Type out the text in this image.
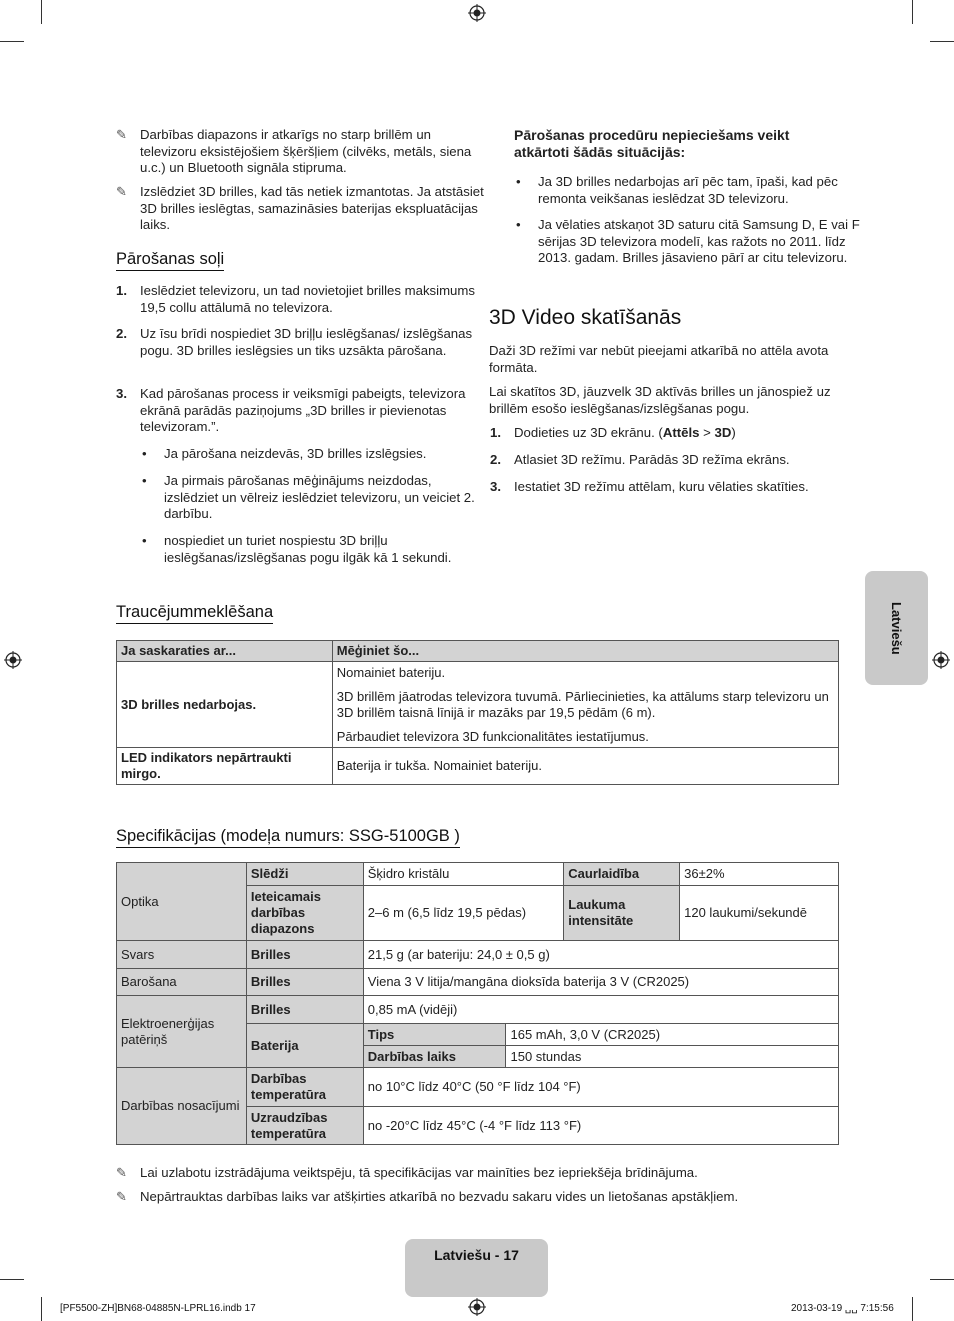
✎ Darbības diapazons ir atkarīgs no starp brillēm un televizoru eksistējošiem šķēršļiem (cilvēks, metāls, siena u.c.) un Bluetooth signāla stipruma.
✎ Izslēdziet 3D brilles, kad tās netiek izmantotas. Ja atstāsiet 3D brilles ieslēgtas, samazināsies baterijas ekspluatācijas laiks.
Pārošanas soļi
1. Ieslēdziet televizoru, un tad novietojiet brilles maksimums 19,5 collu attālumā no televizora.
2. Uz īsu brīdi nospiediet 3D briļļu ieslēgšanas/ izslēgšanas pogu. 3D brilles ieslēgsies un tiks uzsākta pārošana.
3. Kad pārošanas process ir veiksmīgi pabeigts, televizora ekrānā parādās paziņojums „3D brilles ir pievienotas televizoram.”.
• Ja pārošana neizdevās, 3D brilles izslēgsies.
• Ja pirmais pārošanas mēģinājums neizdodas, izslēdziet un vēlreiz ieslēdziet televizoru, un veiciet 2. darbību.
• nospiediet un turiet nospiestu 3D briļļu ieslēgšanas/izslēgšanas pogu ilgāk kā 1 sekundi.
Pārošanas procedūru nepieciešams veikt atkārtoti šādās situācijās:
• Ja 3D brilles nedarbojas arī pēc tam, īpaši, kad pēc remonta veikšanas ieslēdzat 3D televizoru.
• Ja vēlaties atskaņot 3D saturu citā Samsung D, E vai F sērijas 3D televizora modelī, kas ražots no 2011. līdz 2013. gadam. Brilles jāsavieno pārī ar citu televizoru.
3D Video skatīšanās
Daži 3D režīmi var nebūt pieejami atkarībā no attēla avota formāta.
Lai skatītos 3D, jāuzvelk 3D aktīvās brilles un jānospiež uz brillēm esošo ieslēgšanas/izslēgšanas pogu.
1. Dodieties uz 3D ekrānu. (Attēls > 3D)
2. Atlasiet 3D režīmu. Parādās 3D režīma ekrāns.
3. Iestatiet 3D režīmu attēlam, kuru vēlaties skatīties.
Latviešu
Traucējummeklēšana
Ja saskaraties ar...	Mēģiniet šo...
3D brilles nedarbojas.	Nomainiet bateriju.
3D brillēm jāatrodas televizora tuvumā. Pārliecinieties, ka attālums starp televizoru un 3D brillēm taisnā līnijā ir mazāks par 19,5 pēdām (6 m).
Pārbaudiet televizora 3D funkcionalitātes iestatījumus.

LED indikators nepārtraukti mirgo.	Baterija ir tukša. Nomainiet bateriju.
Specifikācijas (modeļa numurs: SSG-5100GB )
Optika	Slēdži	Šķidro kristālu		Caurlaidība	36±2%
	Ieteicamais darbības diapazons	2–6 m (6,5 līdz 19,5 pēdas)		Laukuma intensitāte	120 laukumi/sekundē
Svars	Brilles	21,5 g (ar bateriju: 24,0 ± 0,5 g)			
Barošana	Brilles	Viena 3 V litija/mangāna dioksīda baterija 3 V (CR2025)			
Elektroenerģijas patēriņš	Brilles	0,85 mA (vidēji)			
	Baterija	Tips	165 mAh, 3,0 V (CR2025)		
		Darbības laiks	150 stundas		
Darbības nosacījumi	Darbības temperatūra	no 10°C līdz 40°C (50 °F līdz 104 °F)			
	Uzraudzības temperatūra	no -20°C līdz 45°C (-4 °F līdz 113 °F)			
✎ Lai uzlabotu izstrādājuma veiktspēju, tā specifikācijas var mainīties bez iepriekšēja brīdinājuma.
✎ Nepārtrauktas darbības laiks var atšķirties atkarībā no bezvadu sakaru vides un lietošanas apstākļiem.
Latviešu - 17
[PF5500-ZH]BN68-04885N-LPRL16.indb 17	2013-03-19 ␣␣ 7:15:56
